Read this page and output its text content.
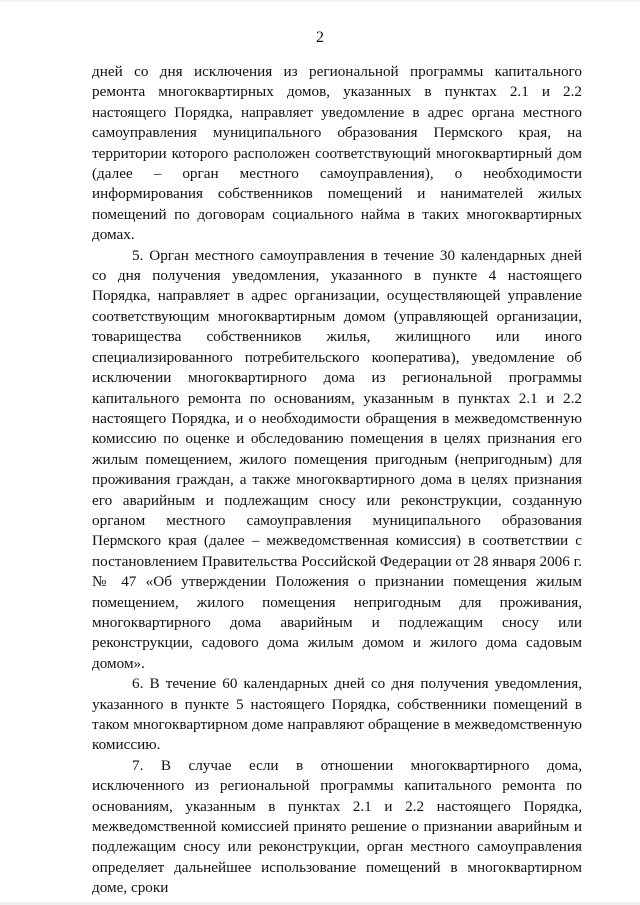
2

дней со дня исключения из региональной программы капитального ремонта многоквартирных домов, указанных в пунктах 2.1 и 2.2 настоящего Порядка, направляет уведомление в адрес органа местного самоуправления муниципального образования Пермского края, на территории которого расположен соответствующий многоквартирный дом (далее – орган местного самоуправления), о необходимости информирования собственников помещений и нанимателей жилых помещений по договорам социального найма в таких многоквартирных домах.

5. Орган местного самоуправления в течение 30 календарных дней со дня получения уведомления, указанного в пункте 4 настоящего Порядка, направляет в адрес организации, осуществляющей управление соответствующим многоквартирным домом (управляющей организации, товарищества собственников жилья, жилищного или иного специализированного потребительского кооператива), уведомление об исключении многоквартирного дома из региональной программы капитального ремонта по основаниям, указанным в пунктах 2.1 и 2.2 настоящего Порядка, и о необходимости обращения в межведомственную комиссию по оценке и обследованию помещения в целях признания его жилым помещением, жилого помещения пригодным (непригодным) для проживания граждан, а также многоквартирного дома в целях признания его аварийным и подлежащим сносу или реконструкции, созданную органом местного самоуправления муниципального образования Пермского края (далее – межведомственная комиссия) в соответствии с постановлением Правительства Российской Федерации от 28 января 2006 г. № 47 «Об утверждении Положения о признании помещения жилым помещением, жилого помещения непригодным для проживания, многоквартирного дома аварийным и подлежащим сносу или реконструкции, садового дома жилым домом и жилого дома садовым домом».

6. В течение 60 календарных дней со дня получения уведомления, указанного в пункте 5 настоящего Порядка, собственники помещений в таком многоквартирном доме направляют обращение в межведомственную комиссию.

7. В случае если в отношении многоквартирного дома, исключенного из региональной программы капитального ремонта по основаниям, указанным в пунктах 2.1 и 2.2 настоящего Порядка, межведомственной комиссией принято решение о признании аварийным и подлежащим сносу или реконструкции, орган местного самоуправления определяет дальнейшее использование помещений в многоквартирном доме, сроки
